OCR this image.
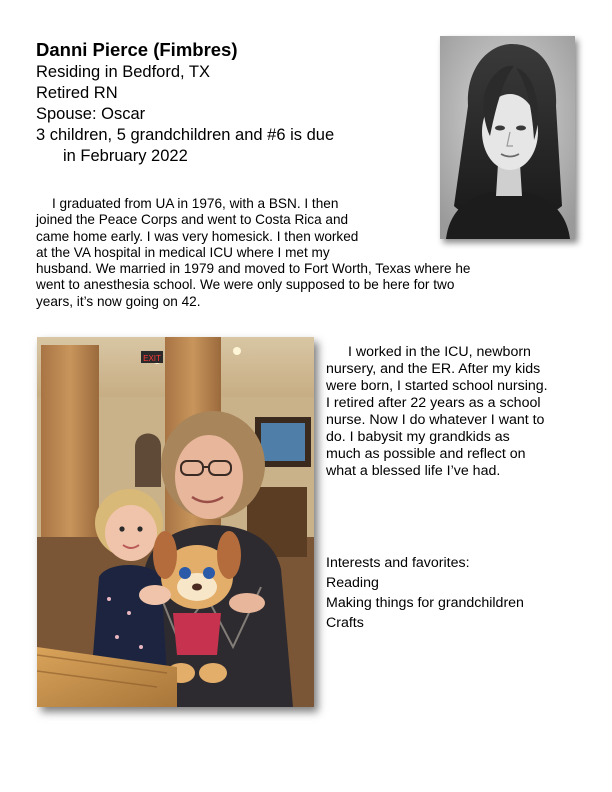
Danni Pierce (Fimbres)

Residing in Bedford, TX

Retired RN

Spouse: Oscar

3 children, 5 grandchildren and #6 is due

in February 2022

I graduated from UA in 1976, with a BSN. I then
joined the Peace Corps and went to Costa Rica and
came home early. I was very homesick. I then worked
at the VA hospital in medical ICU where I met my
husband. We married in 1979 and moved to Fort Worth, Texas where he
went to anesthesia school. We were only supposed to be here for two
years, it’s now going on 42.

EXIT	I worked in the ICU, newborn
nursery, and the ER. After my kids
were born, I started school nursing.
I retired after 22 years as a school
nurse. Now I do whatever I want to
do. I babysit my grandkids as
much as possible and reflect on
what a blessed life I’ve had.

Interests and favorites:
Reading
Making things for grandchildren
Crafts
